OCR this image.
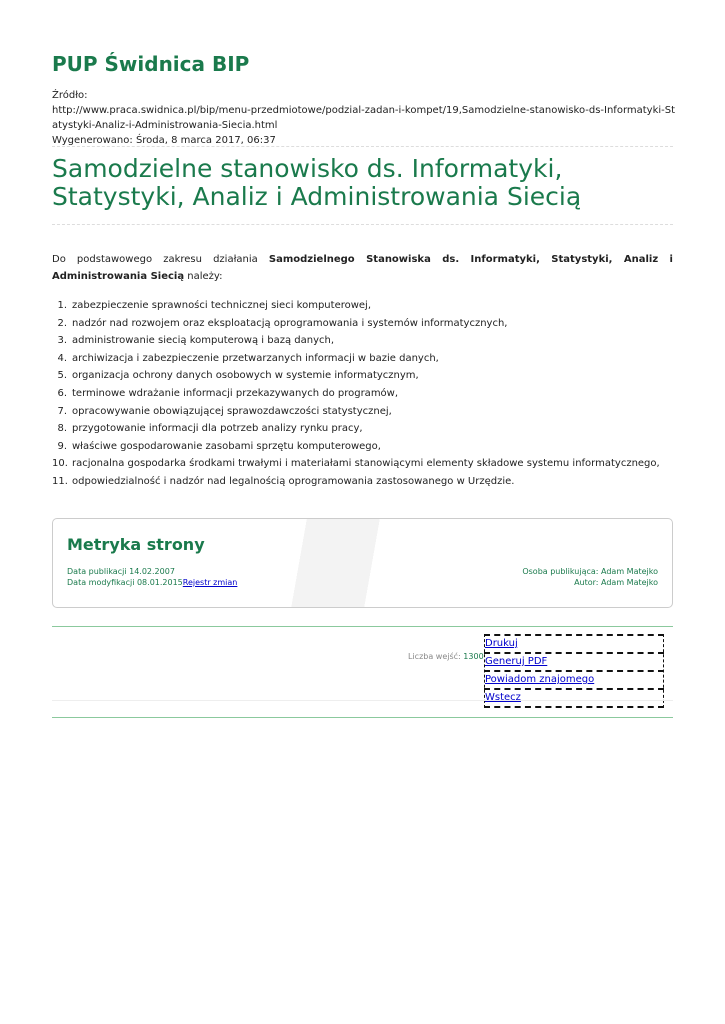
PUP Świdnica BIP
Źródło:

http://www.praca.swidnica.pl/bip/menu-przedmiotowe/podzial-zadan-i-kompet/19,Samodzielne-stanowisko-ds-Informatyki-Statystyki-Analiz-i-Administrowania-Siecia.html
Wygenerowano: Środa, 8 marca 2017, 06:37
Samodzielne stanowisko ds. Informatyki, Statystyki, Analiz i Administrowania Siecią

Do podstawowego zakresu działania Samodzielnego Stanowiska ds. Informatyki, Statystyki, Analiz i Administrowania Siecią należy:

1. zabezpieczenie sprawności technicznej sieci komputerowej,
2. nadzór nad rozwojem oraz eksploatacją oprogramowania i systemów informatycznych,
3. administrowanie siecią komputerową i bazą danych,
4. archiwizacja i zabezpieczenie przetwarzanych informacji w bazie danych,
5. organizacja ochrony danych osobowych w systemie informatycznym,
6. terminowe wdrażanie informacji przekazywanych do programów,
7. opracowywanie obowiązującej sprawozdawczości statystycznej,
8. przygotowanie informacji dla potrzeb analizy rynku pracy,
9. właściwe gospodarowanie zasobami sprzętu komputerowego,
10. racjonalna gospodarka środkami trwałymi i materiałami stanowiącymi elementy składowe systemu informatycznego,
11. odpowiedzialność i nadzór nad legalnością oprogramowania zastosowanego w Urzędzie.
Metryka strony
Data publikacji 14.02.2007
Data modyfikacji 08.01.2015Rejestr zmian
Osoba publikująca: Adam Matejko
Autor: Adam Matejko
Liczba wejść: 1300
Drukuj
Generuj PDF
Powiadom znajomego
Wstecz
